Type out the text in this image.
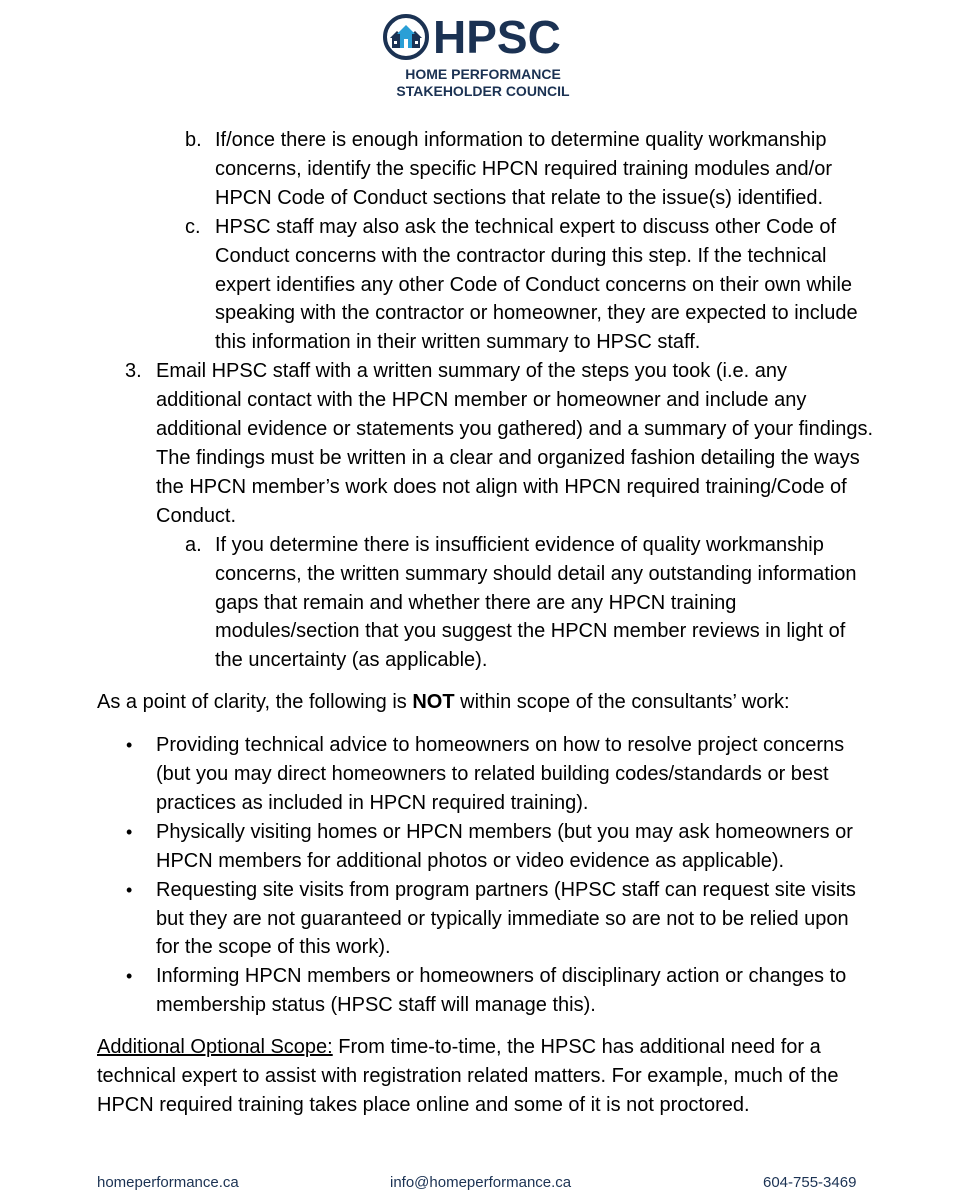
HPSC
HOME PERFORMANCE
STAKEHOLDER COUNCIL
b. If/once there is enough information to determine quality workmanship concerns, identify the specific HPCN required training modules and/or HPCN Code of Conduct sections that relate to the issue(s) identified.
c. HPSC staff may also ask the technical expert to discuss other Code of Conduct concerns with the contractor during this step. If the technical expert identifies any other Code of Conduct concerns on their own while speaking with the contractor or homeowner, they are expected to include this information in their written summary to HPSC staff.
3. Email HPSC staff with a written summary of the steps you took (i.e. any additional contact with the HPCN member or homeowner and include any additional evidence or statements you gathered) and a summary of your findings. The findings must be written in a clear and organized fashion detailing the ways the HPCN member’s work does not align with HPCN required training/Code of Conduct.
a. If you determine there is insufficient evidence of quality workmanship concerns, the written summary should detail any outstanding information gaps that remain and whether there are any HPCN training modules/section that you suggest the HPCN member reviews in light of the uncertainty (as applicable).
As a point of clarity, the following is NOT within scope of the consultants’ work:
• Providing technical advice to homeowners on how to resolve project concerns (but you may direct homeowners to related building codes/standards or best practices as included in HPCN required training).
• Physically visiting homes or HPCN members (but you may ask homeowners or HPCN members for additional photos or video evidence as applicable).
• Requesting site visits from program partners (HPSC staff can request site visits but they are not guaranteed or typically immediate so are not to be relied upon for the scope of this work).
• Informing HPCN members or homeowners of disciplinary action or changes to membership status (HPSC staff will manage this).
Additional Optional Scope: From time-to-time, the HPSC has additional need for a technical expert to assist with registration related matters. For example, much of the HPCN required training takes place online and some of it is not proctored.
homeperformance.ca	info@homeperformance.ca	604-755-3469
